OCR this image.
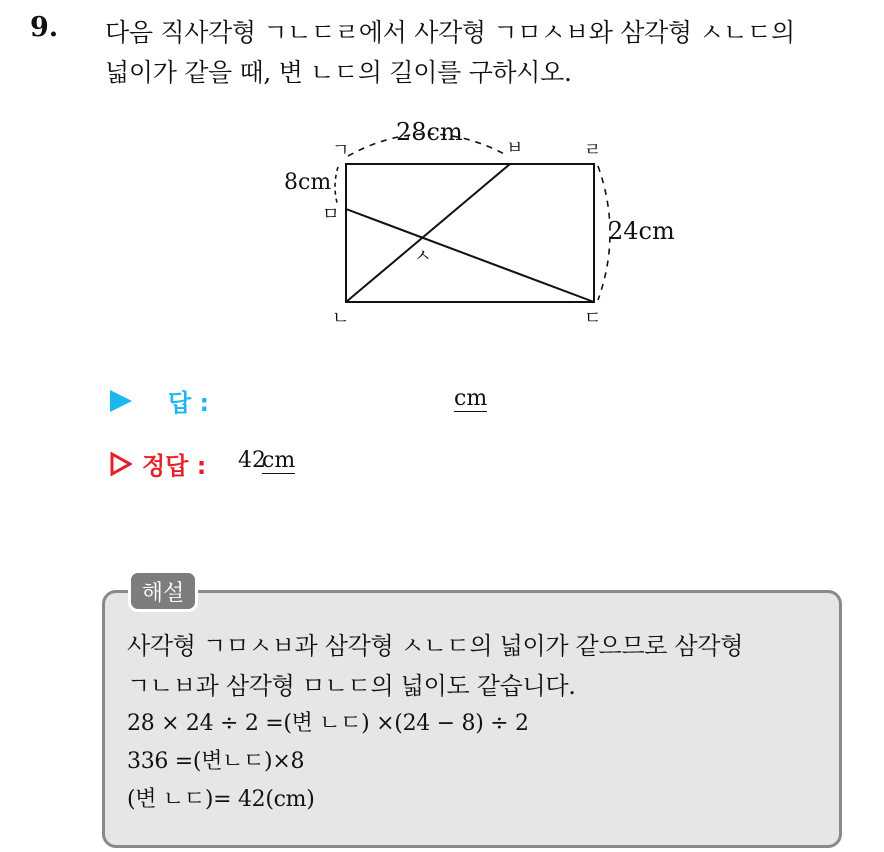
9. 다음 직사각형 ㄱㄴㄷㄹ에서 사각형 ㄱㅁㅅㅂ와 삼각형 ㅅㄴㄷ의
넓이가 같을 때, 변 ㄴㄷ의 길이를 구하시오.
28cm
8cm
24cm
ㄱ	ㅂ	ㄹ
ㅁ
ㅅ
ㄴ	ㄷ
답 :	cm
정답 : 42
cm
해설
사각형 ㄱㅁㅅㅂ과 삼각형 ㅅㄴㄷ의 넓이가 같으므로 삼각형
ㄱㄴㅂ과 삼각형 ㅁㄴㄷ의 넓이도 같습니다.
28 × 24 ÷ 2 =(변 ㄴㄷ) ×(24 − 8) ÷ 2
336 =(변ㄴㄷ)×8
(변 ㄴㄷ)= 42(cm)
